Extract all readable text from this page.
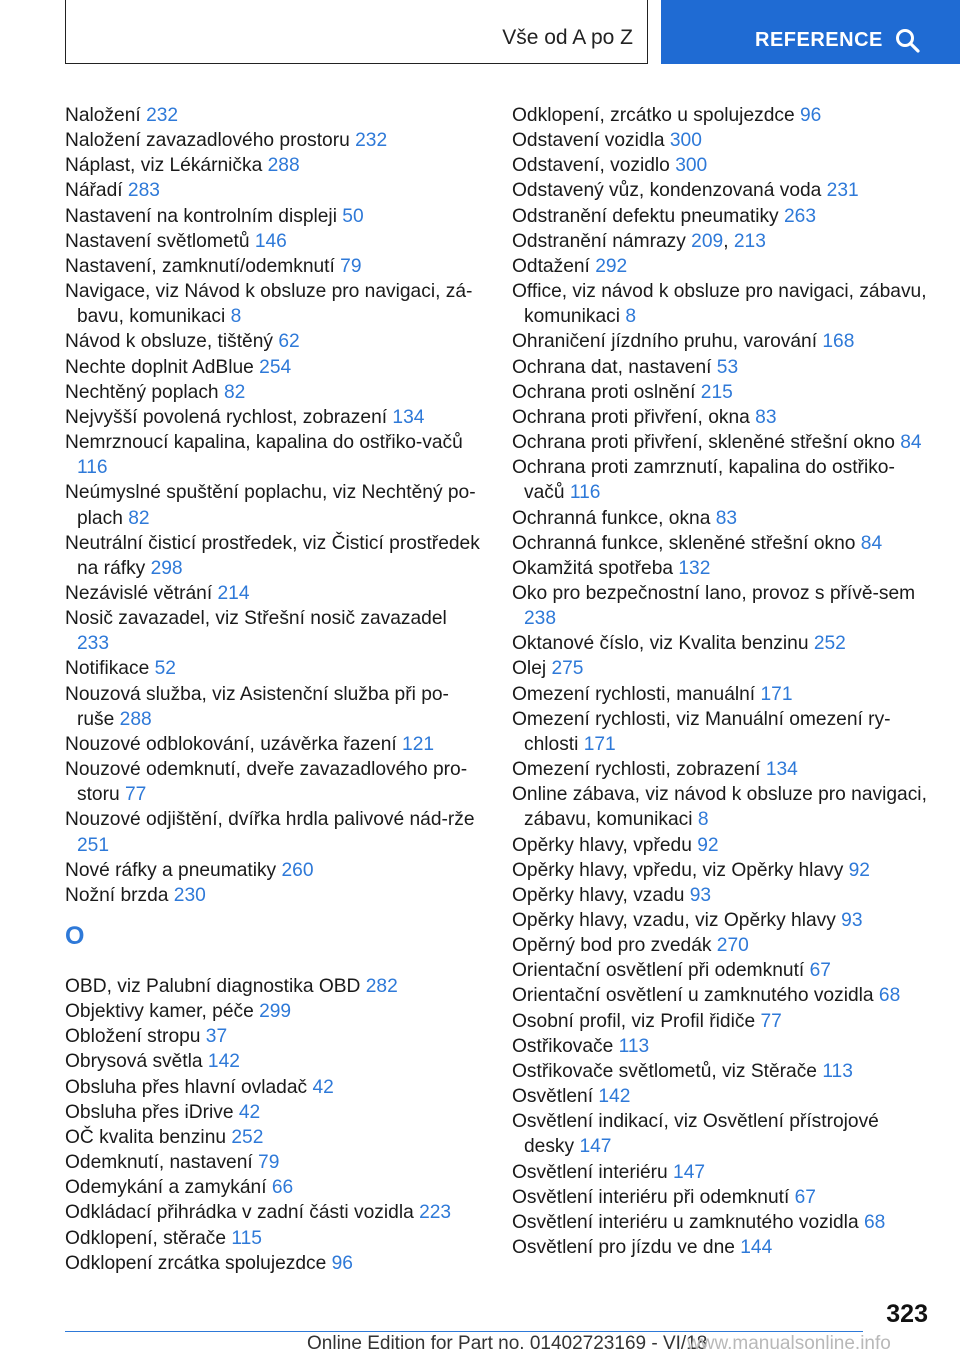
Vše od A po Z	REFERENCE
Naložení 232
Naložení zavazadlového prostoru 232
Náplast, viz Lékárnička 288
Nářadí 283
Nastavení na kontrolním displeji 50
Nastavení světlometů 146
Nastavení, zamknutí/odemknutí 79
Navigace, viz Návod k obsluze pro navigaci, zá-bavu, komunikaci 8
Návod k obsluze, tištěný 62
Nechte doplnit AdBlue 254
Nechtěný poplach 82
Nejvyšší povolená rychlost, zobrazení 134
Nemrznoucí kapalina, kapalina do ostřiko-vačů 116
Neúmyslné spuštění poplachu, viz Nechtěný po-plach 82
Neutrální čisticí prostředek, viz Čisticí prostředek na ráfky 298
Nezávislé větrání 214
Nosič zavazadel, viz Střešní nosič zavazadel 233
Notifikace 52
Nouzová služba, viz Asistenční služba při po-ruše 288
Nouzové odblokování, uzávěrka řazení 121
Nouzové odemknutí, dveře zavazadlového pro-storu 77
Nouzové odjištění, dvířka hrdla palivové nád-rže 251
Nové ráfky a pneumatiky 260
Nožní brzda 230
O
OBD, viz Palubní diagnostika OBD 282
Objektivy kamer, péče 299
Obložení stropu 37
Obrysová světla 142
Obsluha přes hlavní ovladač 42
Obsluha přes iDrive 42
OČ kvalita benzinu 252
Odemknutí, nastavení 79
Odemykání a zamykání 66
Odkládací přihrádka v zadní části vozidla 223
Odklopení, stěrače 115
Odklopení zrcátka spolujezdce 96
Odklopení, zrcátko u spolujezdce 96
Odstavení vozidla 300
Odstavení, vozidlo 300
Odstavený vůz, kondenzovaná voda 231
Odstranění defektu pneumatiky 263
Odstranění námrazy 209, 213
Odtažení 292
Office, viz návod k obsluze pro navigaci, zábavu, komunikaci 8
Ohraničení jízdního pruhu, varování 168
Ochrana dat, nastavení 53
Ochrana proti oslnění 215
Ochrana proti přivření, okna 83
Ochrana proti přivření, skleněné střešní okno 84
Ochrana proti zamrznutí, kapalina do ostřiko-vačů 116
Ochranná funkce, okna 83
Ochranná funkce, skleněné střešní okno 84
Okamžitá spotřeba 132
Oko pro bezpečnostní lano, provoz s přívě-sem 238
Oktanové číslo, viz Kvalita benzinu 252
Olej 275
Omezení rychlosti, manuální 171
Omezení rychlosti, viz Manuální omezení ry-chlosti 171
Omezení rychlosti, zobrazení 134
Online zábava, viz návod k obsluze pro navigaci, zábavu, komunikaci 8
Opěrky hlavy, vpředu 92
Opěrky hlavy, vpředu, viz Opěrky hlavy 92
Opěrky hlavy, vzadu 93
Opěrky hlavy, vzadu, viz Opěrky hlavy 93
Opěrný bod pro zvedák 270
Orientační osvětlení při odemknutí 67
Orientační osvětlení u zamknutého vozidla 68
Osobní profil, viz Profil řidiče 77
Ostřikovače 113
Ostřikovače světlometů, viz Stěrače 113
Osvětlení 142
Osvětlení indikací, viz Osvětlení přístrojové desky 147
Osvětlení interiéru 147
Osvětlení interiéru při odemknutí 67
Osvětlení interiéru u zamknutého vozidla 68
Osvětlení pro jízdu ve dne 144
323
Online Edition for Part no. 01402723169 - VI/18
www.manualsonline.info
